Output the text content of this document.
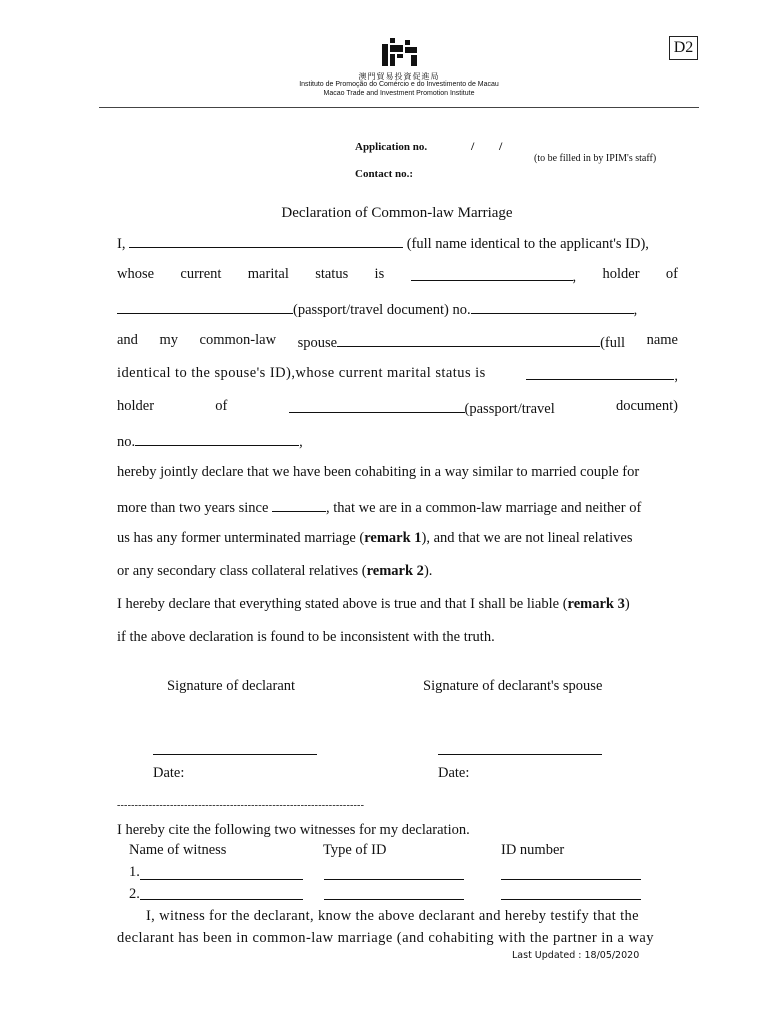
D2
澳門貿易投資促進局
Instituto de Promoção do Comércio e do Investimento de Macau
Macao Trade and Investment Promotion Institute
Application no.	/ /
(to be filled in by IPIM's staff)
Contact no.:
Declaration of Common-law Marriage
I,	(full name identical to the applicant's ID),
whose current marital status is	, holder of
(passport/travel document) no.	,
and my common-law spouse	(full name
identical to the spouse's ID),whose current marital status is	,
holder	of	(passport/travel	document)
no.	,
hereby jointly declare that we have been cohabiting in a way similar to married couple for
more than two years since	, that we are in a common-law marriage and neither of
us has any former unterminated marriage (remark 1), and that we are not lineal relatives
or any secondary class collateral relatives (remark 2).
I hereby declare that everything stated above is true and that I shall be liable (remark 3)
if the above declaration is found to be inconsistent with the truth.
Signature of declarant	Signature of declarant's spouse
Date:	Date:
----------------------------------------------------------------------
I hereby cite the following two witnesses for my declaration.
Name of witness	Type of ID	ID number
1.
2.
I, witness for the declarant, know the above declarant and hereby testify that the
declarant has been in common-law marriage (and cohabiting with the partner in a way
Last Updated : 18/05/2020
